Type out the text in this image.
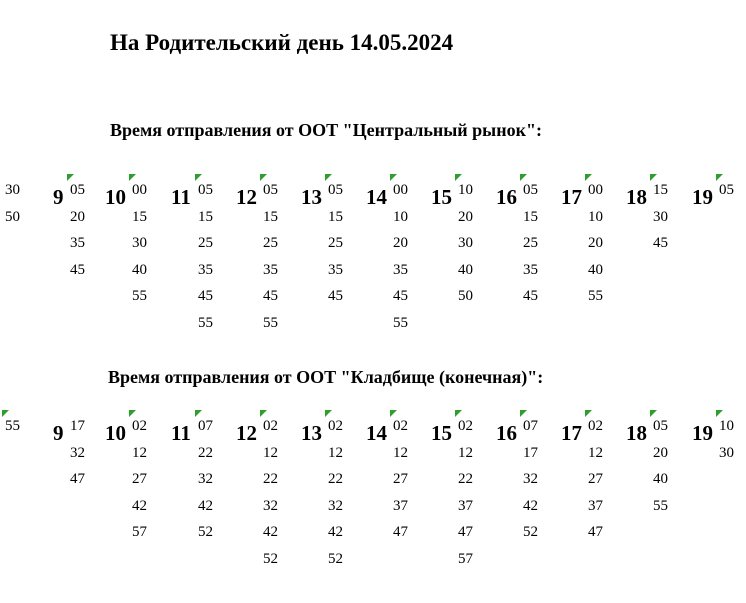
На Родительский день 14.05.2024
Время отправления от ООТ "Центральный рынок":
30
50
9 05
20
35
45
10 00
15
30
40
55
11 05
15
25
35
45
55
12 05
15
25
35
45
55
13 05
15
25
35
45
14 00
10
20
35
45
55
15 10
20
30
40
50
16 05
15
25
35
45
17 00
10
20
40
55
18 15
30
45
19 05
Время отправления от ООТ "Кладбище (конечная)":
55 9 17
32
47
10 02
12
27
42
57
11 07
22
32
42
52
12 02
12
22
32
42
52
13 02
12
22
32
42
52
14 02
12
27
37
47
15 02
12
22
37
47
57
16 07
17
32
42
52
17 02
12
27
37
47
18 05
20
40
55
19 10
30
